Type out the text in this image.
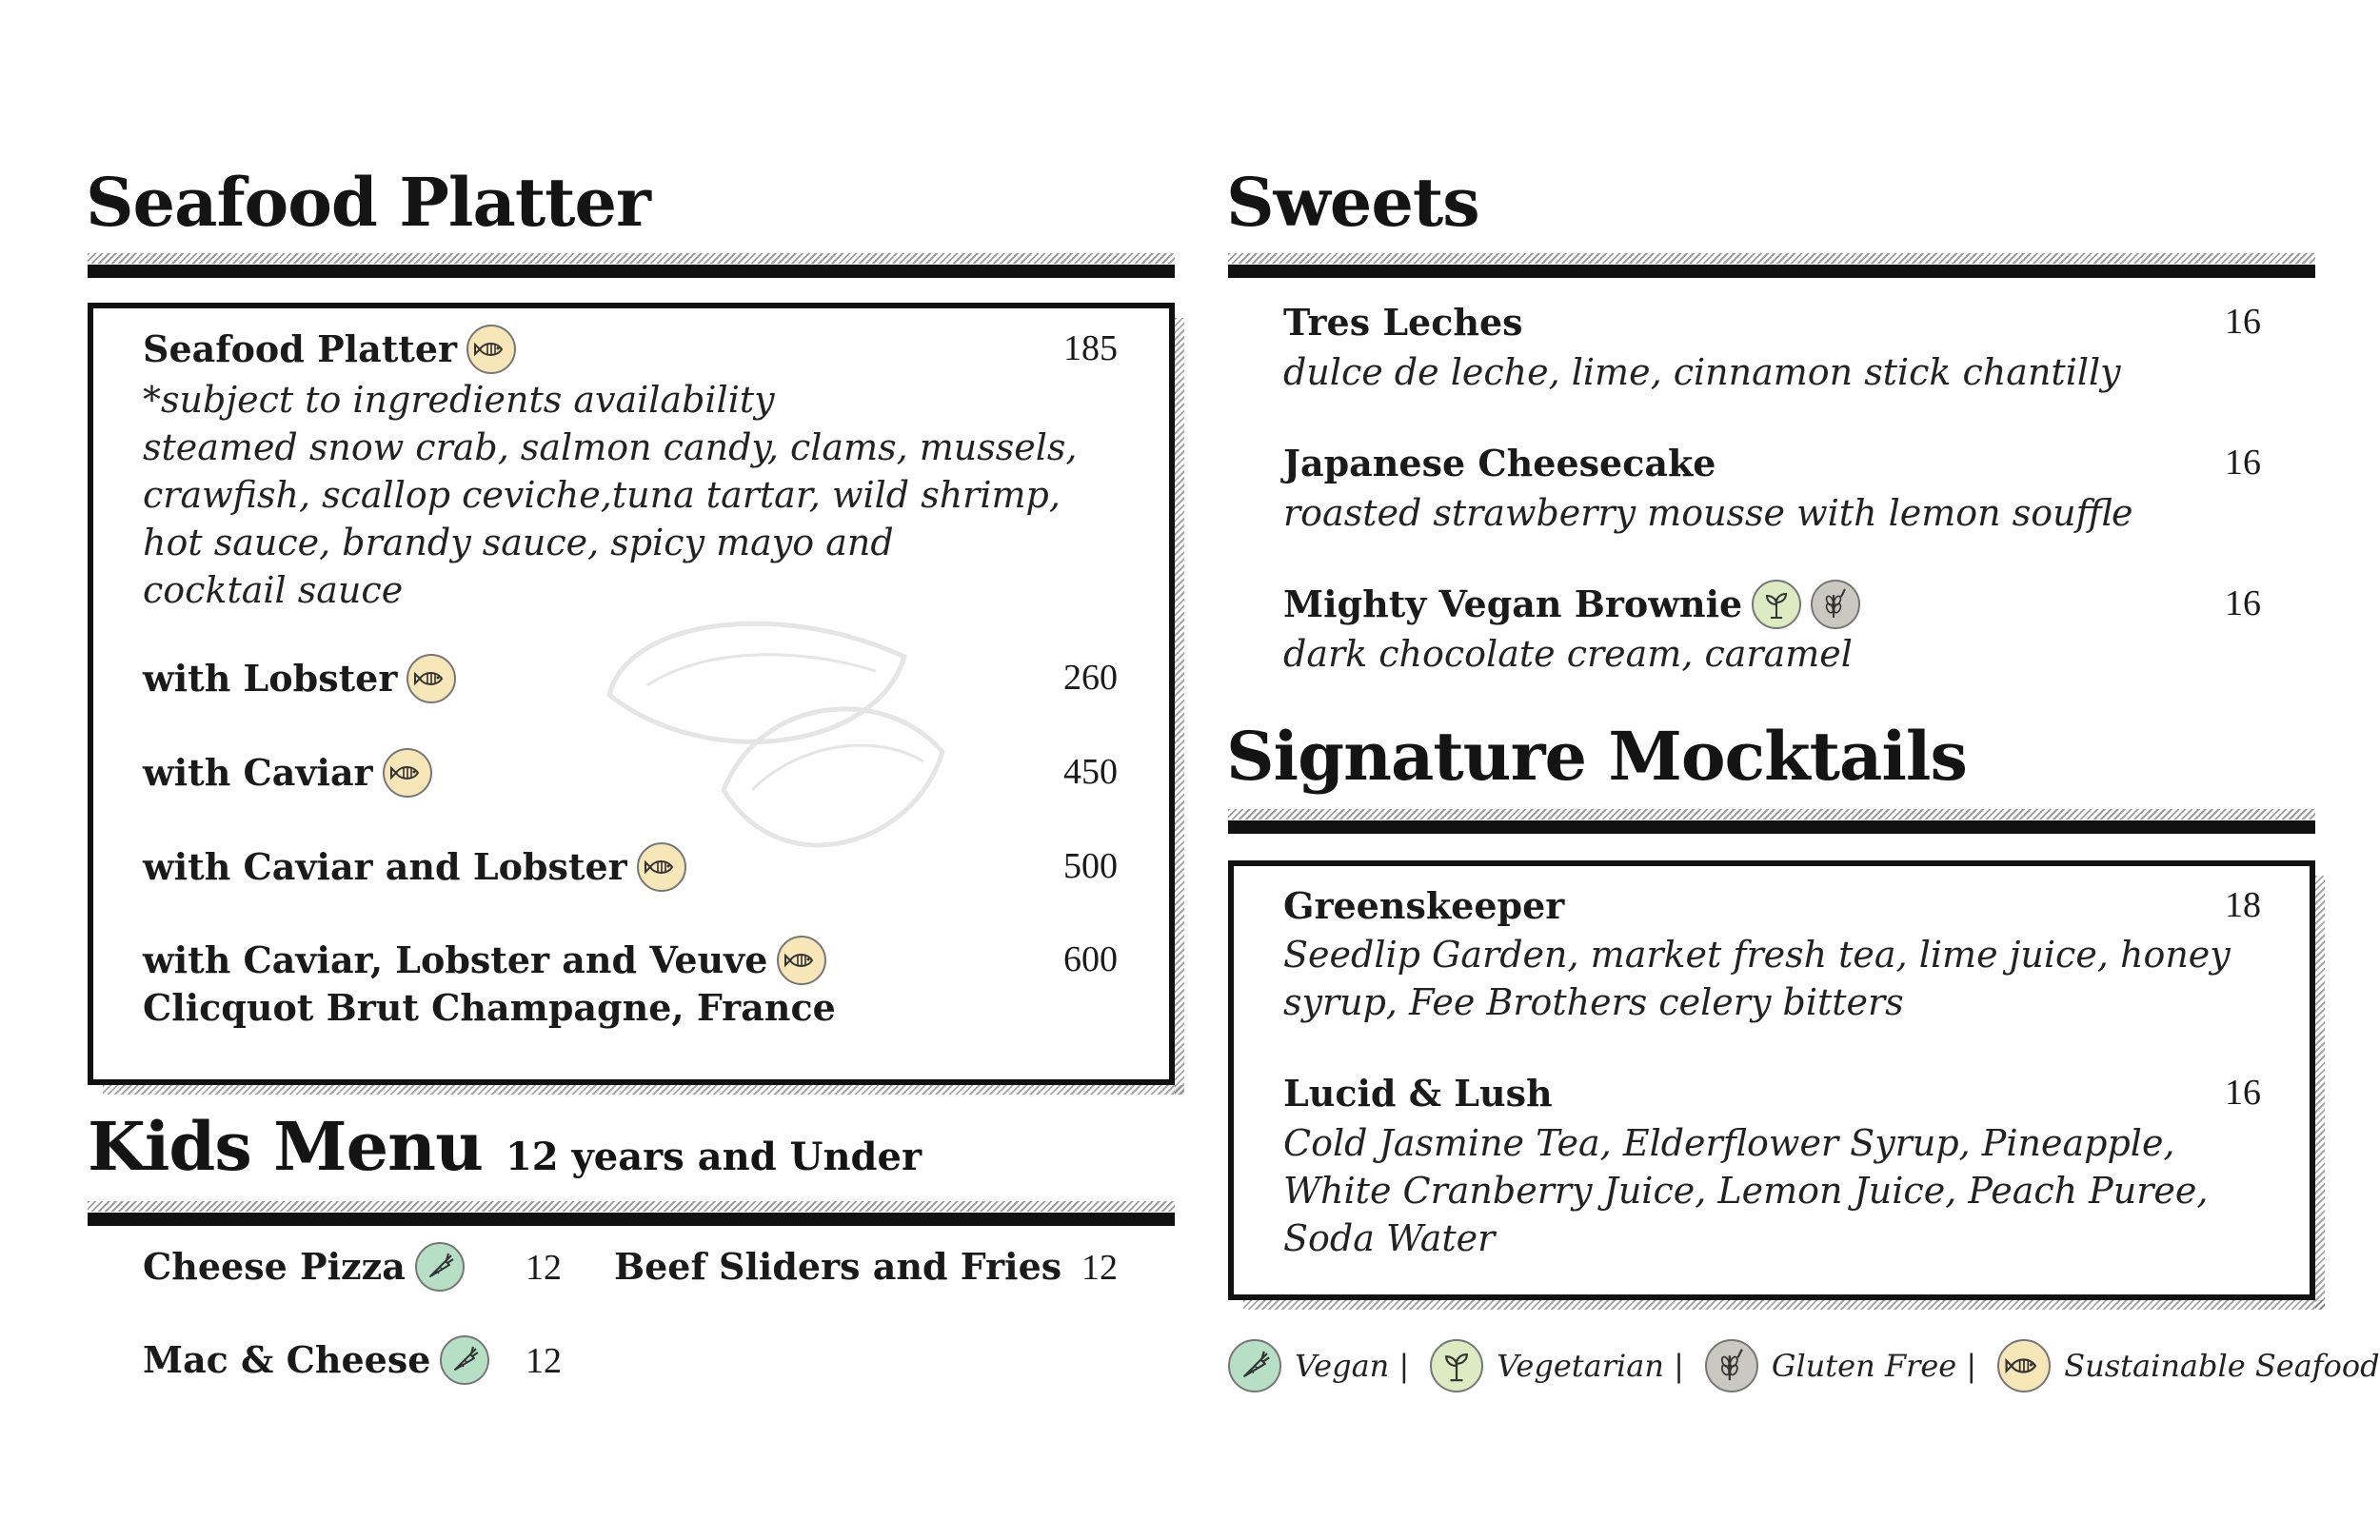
Seafood Platter
Seafood Platter	185
*subject to ingredients availability
steamed snow crab, salmon candy, clams, mussels,
crawfish, scallop ceviche,tuna tartar, wild shrimp,
hot sauce, brandy sauce, spicy mayo and
cocktail sauce
with Lobster	260
with Caviar	450
with Caviar and Lobster	500
with Caviar, Lobster and Veuve
Clicquot Brut Champagne, France
600
Kids Menu 12 years and Under
Cheese Pizza	12 Beef Sliders and Fries 12
Mac & Cheese	12
Sweets
Tres Leches	16
dulce de leche, lime, cinnamon stick chantilly
Japanese Cheesecake	16
roasted strawberry mousse with lemon souffle
Mighty Vegan Brownie	16
dark chocolate cream, caramel
Signature Mocktails
Greenskeeper	18
Seedlip Garden, market fresh tea, lime juice, honey
syrup, Fee Brothers celery bitters
Lucid & Lush	16
Cold Jasmine Tea, Elderflower Syrup, Pineapple,
White Cranberry Juice, Lemon Juice, Peach Puree,
Soda Water
Vegan |	Vegetarian |	Gluten Free |	Sustainable Seafood
